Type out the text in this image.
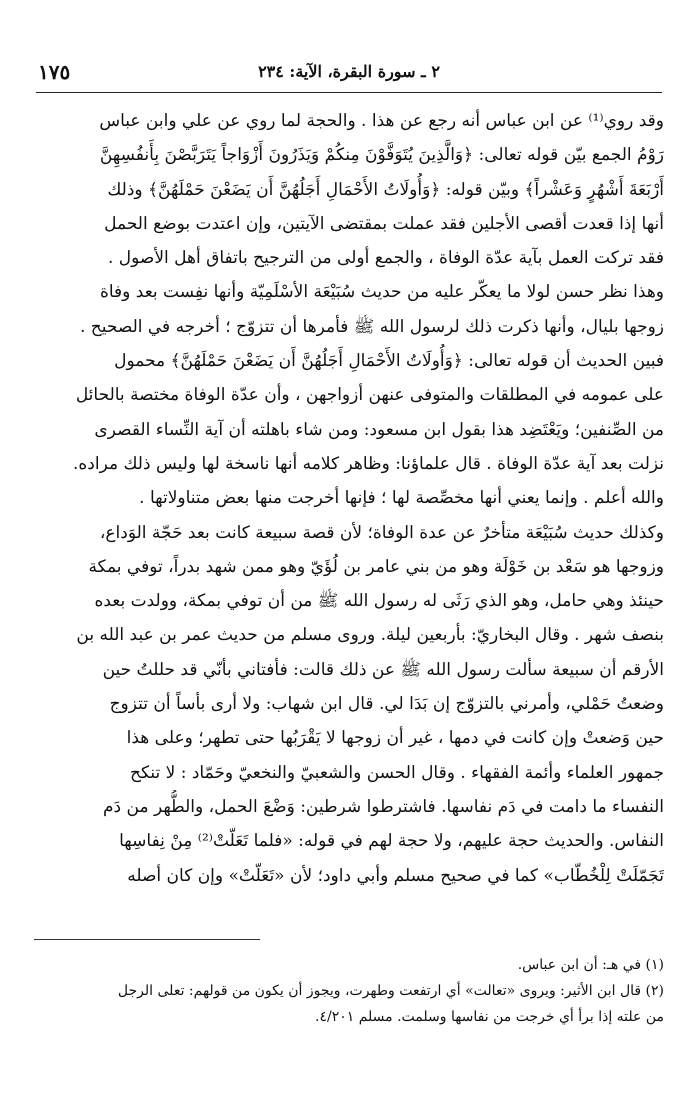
١٧٥	٢ ـ سورة البقرة، الآية: ٢٣٤
وقد روي⁽¹⁾ عن ابن عباس أنه رجع عن هذا . والحجة لما روي عن علي وابن عباس
رَوْمُ الجمع بيّن قوله تعالى: ﴿وَالَّذِينَ يُتَوَفَّوْنَ مِنكُمْ وَيَذَرُونَ أَزْوَاجاً يَتَرَبَّصْنَ بِأَنفُسِهِنَّ
أَرْبَعَةَ أَشْهُرٍ وَعَشْراً﴾ وبيّن قوله: ﴿وَأُولَاتُ الأَحْمَالِ أَجَلُهُنَّ أَن يَضَعْنَ حَمْلَهُنَّ﴾ وذلك
أنها إذا قعدت أقصى الأجلين فقد عملت بمقتضى الآيتين، وإن اعتدت بوضع الحمل
فقد تركت العمل بآية عدّة الوفاة ، والجمع أولى من الترجيح باتفاق أهل الأصول .
وهذا نظر حسن لولا ما يعكّر عليه من حديث سُبَيْعَة الأسْلَمِيّة وأنها نفِست بعد وفاة
زوجها بليال، وأنها ذكرت ذلك لرسول الله ﷺ فأمرها أن تتزوّج ؛ أخرجه في الصحيح .
فبين الحديث أن قوله تعالى: ﴿وَأُولَاتُ الأَحْمَالِ أَجَلُهُنَّ أَن يَضَعْنَ حَمْلَهُنَّ﴾ محمول
على عمومه في المطلقات والمتوفى عنهن أزواجهن ، وأن عدّة الوفاة مختصة بالحائل
من الصِّنفين؛ ويَعْتَضِد هذا بقول ابن مسعود: ومن شاء باهلته أن آية النِّساء القصرى
نزلت بعد آية عدّة الوفاة . قال علماؤنا: وظاهر كلامه أنها ناسخة لها وليس ذلك مراده.
والله أعلم . وإنما يعني أنها مخصِّصة لها ؛ فإنها أخرجت منها بعض متناولاتها .
وكذلك حديث سُبَيْعَة متأخرٌ عن عدة الوفاة؛ لأن قصة سبيعة كانت بعد حَجّة الوَداع،
وزوجها هو سَعْد بن خَوْلَة وهو من بني عامر بن لُؤَيّ وهو ممن شهد بدراً، توفي بمكة
حينئذ وهي حامل، وهو الذي رَثَى له رسول الله ﷺ من أن توفي بمكة، وولدت بعده
بنصف شهر . وقال البخاريّ: بأربعين ليلة. وروى مسلم من حديث عمر بن عبد الله بن
الأرقم أن سبيعة سألت رسول الله ﷺ عن ذلك قالت: فأفتاني بأنّي قد حللتُ حين
وضعتُ حَمْلي، وأمرني بالتزوّج إن بَدَا لي. قال ابن شهاب: ولا أرى بأساً أن تتزوج
حين وَضعتْ وإن كانت في دمها ، غير أن زوجها لا يَقْرَبُها حتى تطهر؛ وعلى هذا
جمهور العلماء وأئمة الفقهاء . وقال الحسن والشعبيّ والنخعيّ وحَمّاد : لا تنكح
النفساء ما دامت في دَم نفاسها. فاشترطوا شرطين: وَضْعَ الحمل، والطُّهر من دَم
النفاس. والحديث حجة عليهم، ولا حجة لهم في قوله: «فلما تَعَلّتْ⁽²⁾ مِنْ نِفاسِها
تَجَمّلَتْ لِلْخُطّاب» كما في صحيح مسلم وأبي داود؛ لأن «تَعَلّتْ» وإن كان أصله
(١) في هـ: أن ابن عباس.
(٢) قال ابن الأثير: ويروى «تعالت» أي ارتفعت وطهرت، ويجوز أن يكون من قولهم: تعلى الرجل
من علته إذا برأ أي خرجت من نفاسها وسلمت. مسلم ٤/٢٠١.
